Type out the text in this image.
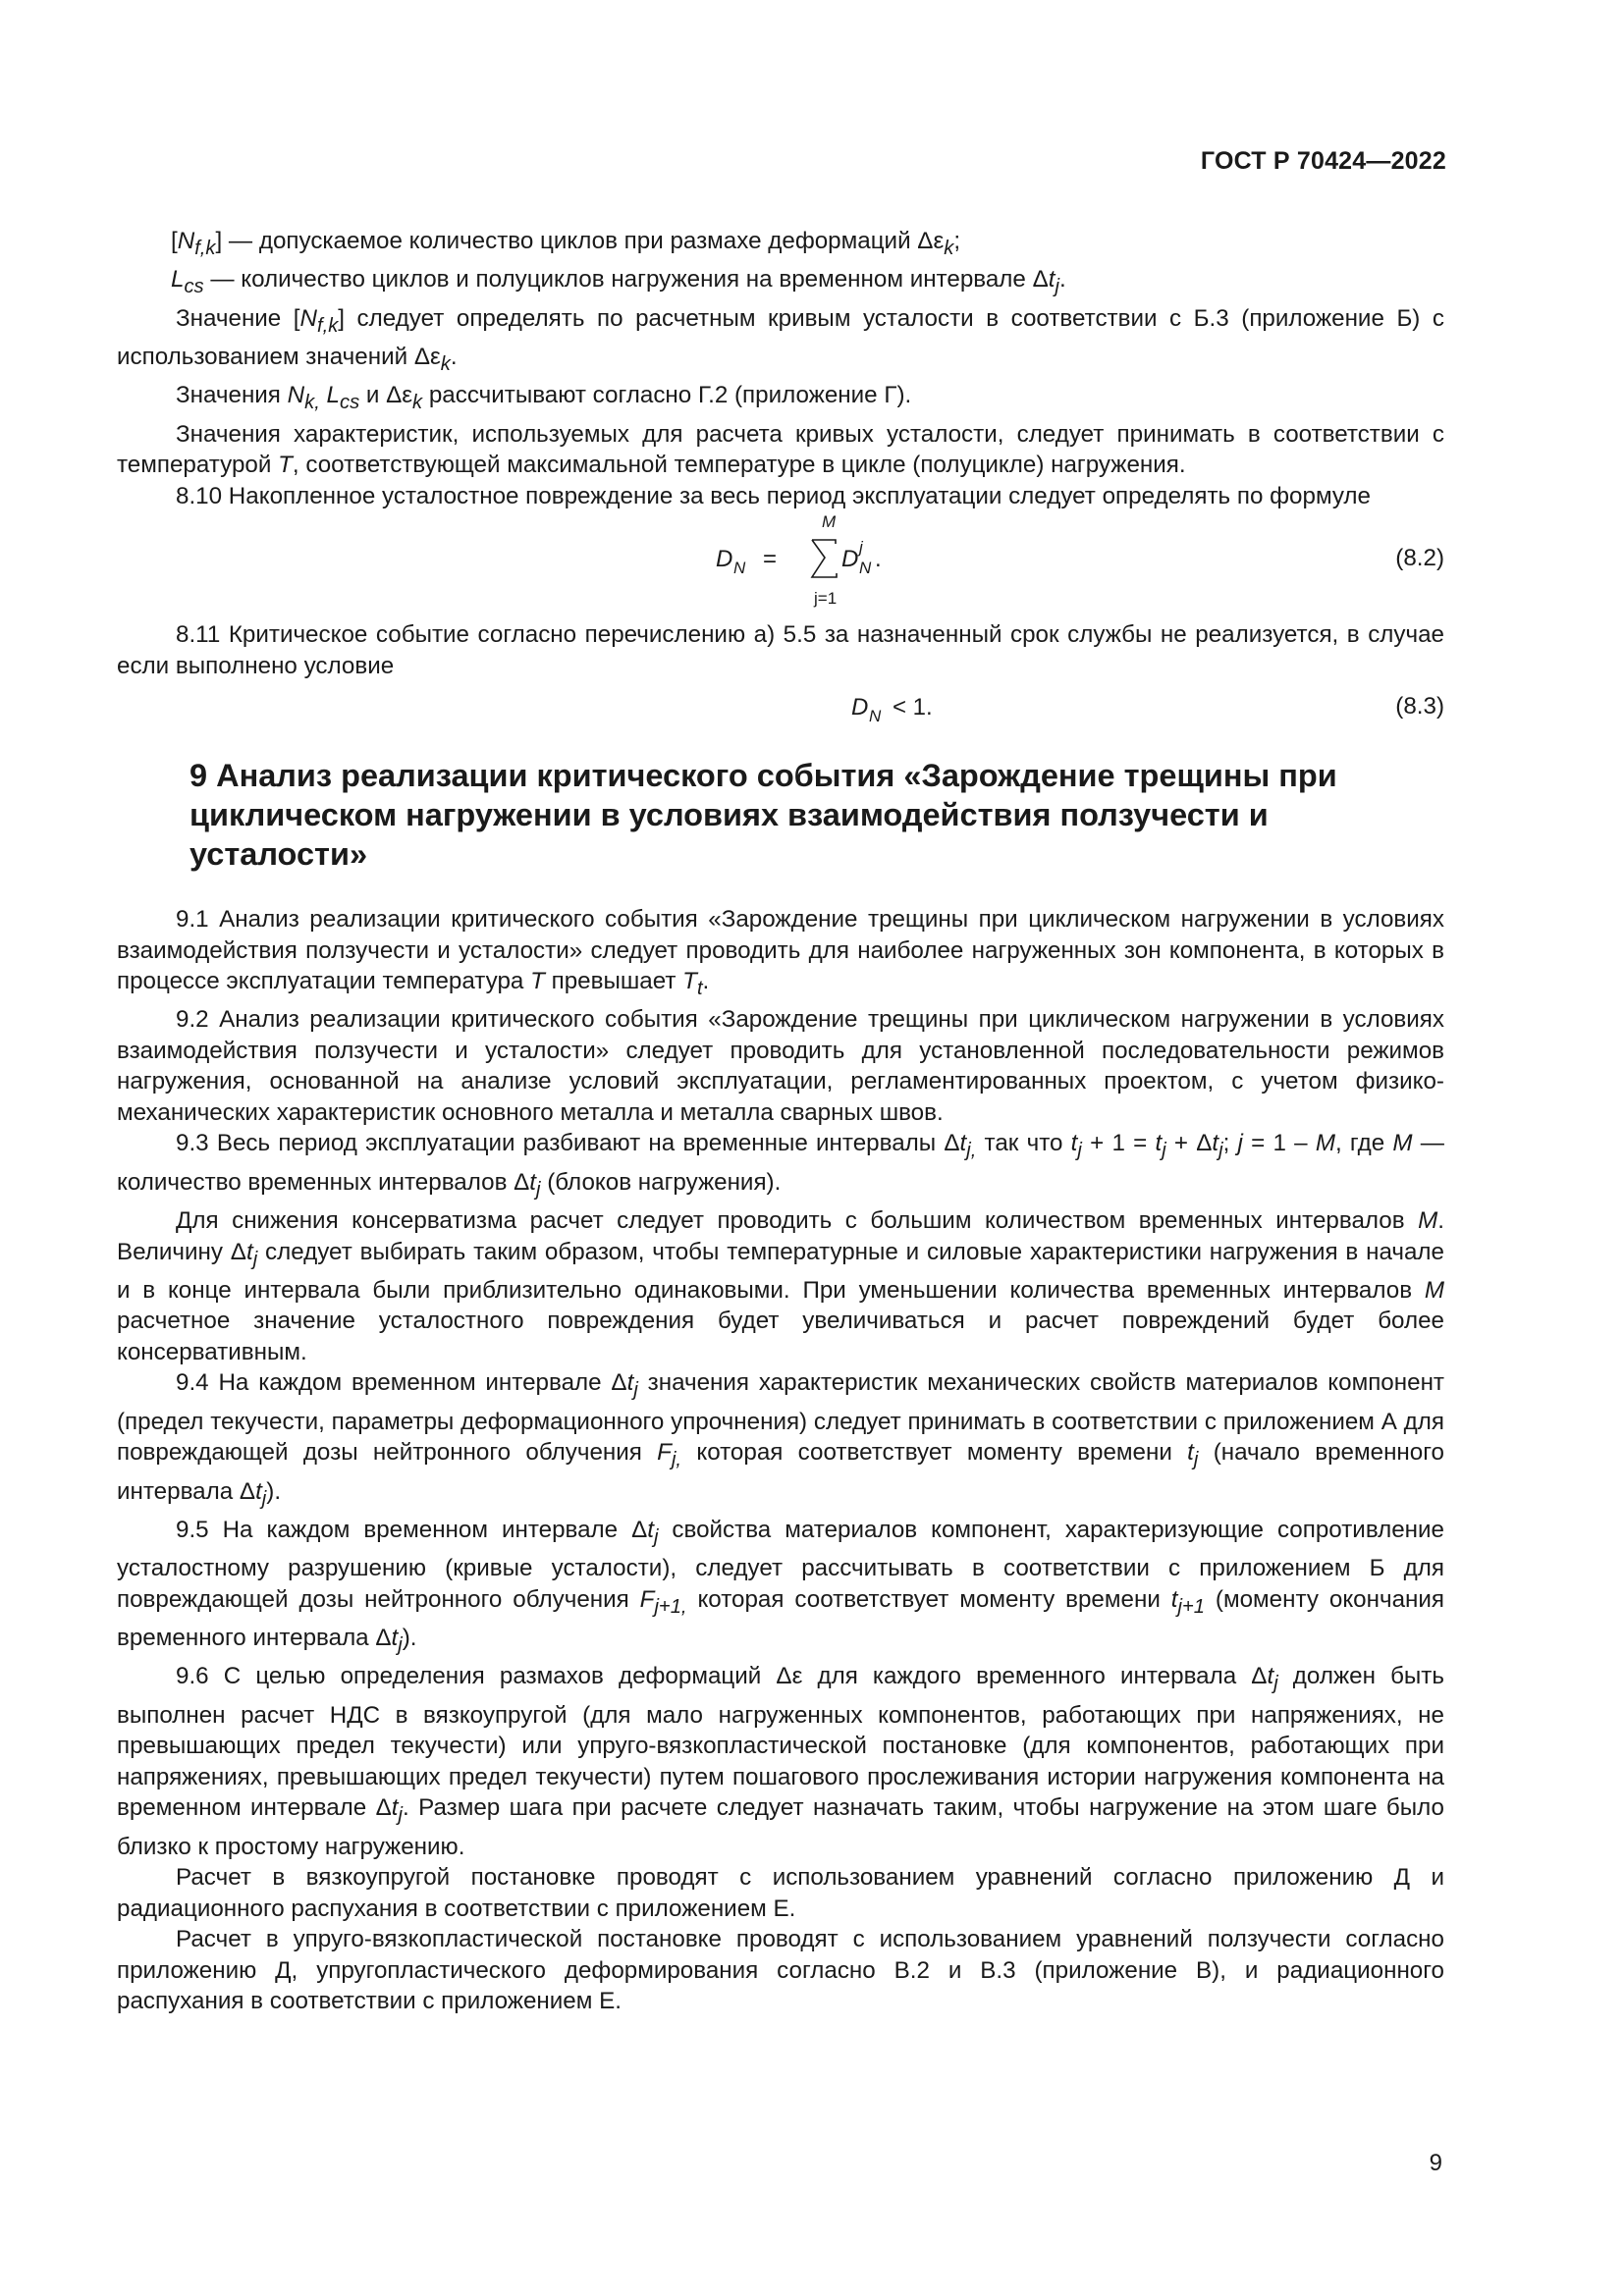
ГОСТ Р 70424—2022

$[N_{f,k}]$ — допускаемое количество циклов при размахе деформаций $\Delta\varepsilon_k$;

$L_{cs}$ — количество циклов и полуциклов нагружения на временном интервале $\Delta t_j$.

Значение $[N_{f,k}]$ следует определять по расчетным кривым усталости в соответствии с Б.3 (приложение Б) с использованием значений $\Delta\varepsilon_k$.

Значения $N_{k,}$ $L_{cs}$ и $\Delta\varepsilon_k$ рассчитывают согласно Г.2 (приложение Г).

Значения характеристик, используемых для расчета кривых усталости, следует принимать в соответствии с температурой T, соответствующей максимальной температуре в цикле (полуцикле) нагружения.

8.10 Накопленное усталостное повреждение за весь период эксплуатации следует определять по формуле

M
D N =
j=1
D j
N .	(8.2)

8.11 Критическое событие согласно перечислению а) 5.5 за назначенный срок службы не реализуется, в случае если выполнено условие

D N < 1.	(8.3)
9 Анализ реализации критического события «Зарождение трещины при циклическом нагружении в условиях взаимодействия ползучести и усталости»

9.1 Анализ реализации критического события «Зарождение трещины при циклическом нагружении в условиях взаимодействия ползучести и усталости» следует проводить для наиболее нагруженных зон компонента, в которых в процессе эксплуатации температура T превышает $T_t$.

9.2 Анализ реализации критического события «Зарождение трещины при циклическом нагружении в условиях взаимодействия ползучести и усталости» следует проводить для установленной последовательности режимов нагружения, основанной на анализе условий эксплуатации, регламентированных проектом, с учетом физико-механических характеристик основного металла и металла сварных швов.

9.3 Весь период эксплуатации разбивают на временные интервалы $\Delta t_{j,}$ так что $t_j + 1 = t_j + \Delta t_j$; j = 1 – M, где M — количество временных интервалов $\Delta t_j$ (блоков нагружения).

Для снижения консерватизма расчет следует проводить с большим количеством временных интервалов M. Величину $\Delta t_j$ следует выбирать таким образом, чтобы температурные и силовые характеристики нагружения в начале и в конце интервала были приблизительно одинаковыми. При уменьшении количества временных интервалов M расчетное значение усталостного повреждения будет увеличиваться и расчет повреждений будет более консервативным.

9.4 На каждом временном интервале $\Delta t_j$ значения характеристик механических свойств материалов компонент (предел текучести, параметры деформационного упрочнения) следует принимать в соответствии с приложением А для повреждающей дозы нейтронного облучения $F_{j,}$ которая соответствует моменту времени $t_j$ (начало временного интервала $\Delta t_j$).

9.5 На каждом временном интервале $\Delta t_j$ свойства материалов компонент, характеризующие сопротивление усталостному разрушению (кривые усталости), следует рассчитывать в соответствии с приложением Б для повреждающей дозы нейтронного облучения $F_{j+1,}$ которая соответствует моменту времени $t_{j+1}$ (моменту окончания временного интервала $\Delta t_j$).

9.6 С целью определения размахов деформаций Δε для каждого временного интервала $\Delta t_j$ должен быть выполнен расчет НДС в вязкоупругой (для мало нагруженных компонентов, работающих при напряжениях, не превышающих предел текучести) или упруго-вязкопластической постановке (для компонентов, работающих при напряжениях, превышающих предел текучести) путем пошагового прослеживания истории нагружения компонента на временном интервале $\Delta t_j$. Размер шага при расчете следует назначать таким, чтобы нагружение на этом шаге было близко к простому нагружению.

Расчет в вязкоупругой постановке проводят с использованием уравнений согласно приложению Д и радиационного распухания в соответствии с приложением Е.

Расчет в упруго-вязкопластической постановке проводят с использованием уравнений ползучести согласно приложению Д, упругопластического деформирования согласно В.2 и В.3 (приложение В), и радиационного распухания в соответствии с приложением Е.

9
